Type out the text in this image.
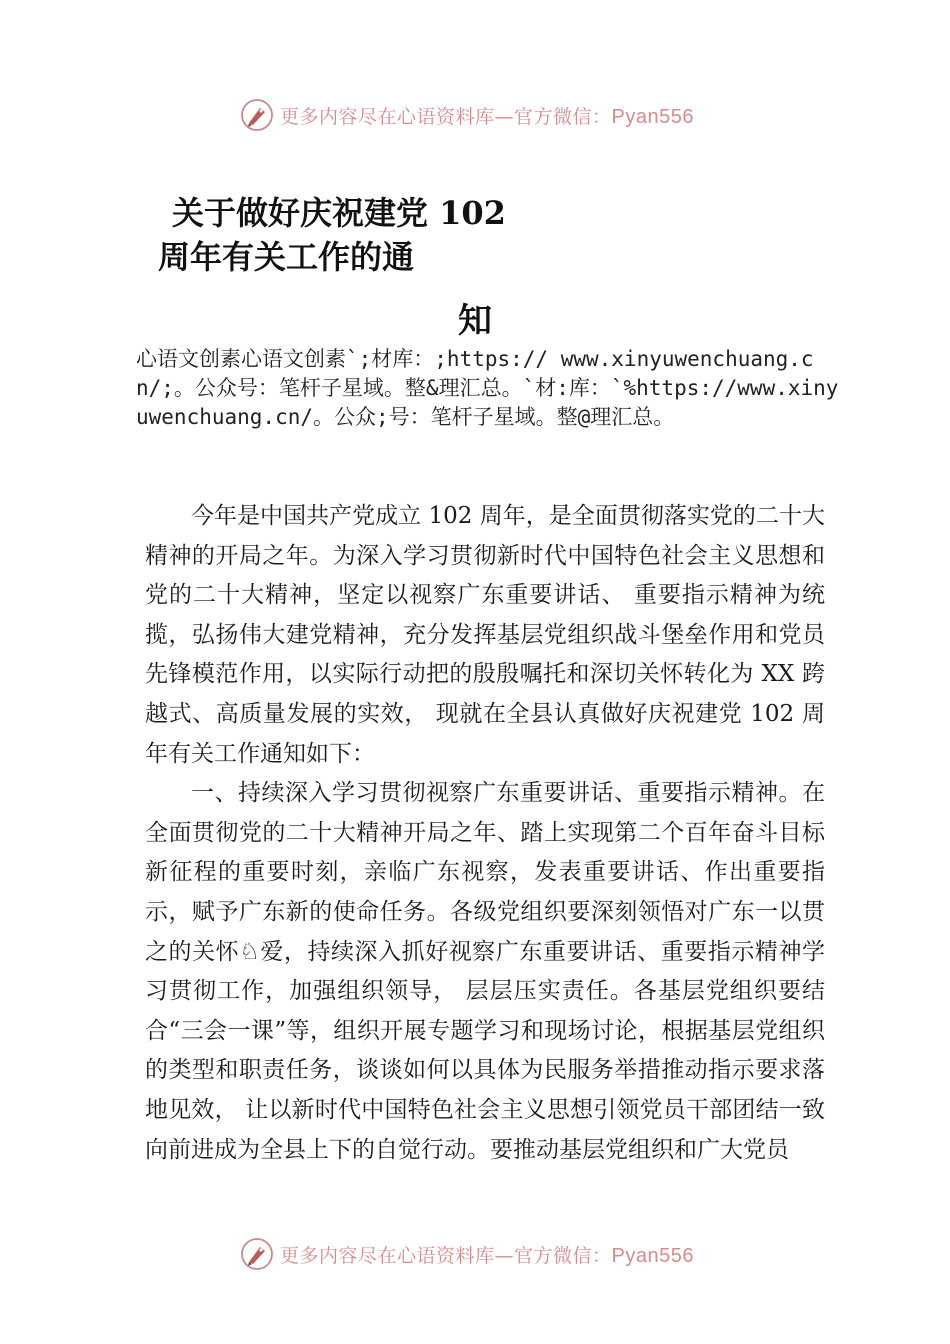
更多内容尽在心语资料库—官方微信：Pyan556
关于做好庆祝建党 102
周年有关工作的通
知
心语文创素心语文创素`;材库：;https:// www.xinyuwenchuang.cn/;。公众号：笔杆子星域。整&理汇总。`材:库：`%https://www.xinyuwenchuang.cn/。公众;号：笔杆子星域。整@理汇总。

今年是中国共产党成立 102 周年，是全面贯彻落实党的二十大精神的开局之年。为深入学习贯彻新时代中国特色社会主义思想和党的二十大精神，坚定以视察广东重要讲话、 重要指示精神为统揽，弘扬伟大建党精神，充分发挥基层党组织战斗堡垒作用和党员先锋模范作用，以实际行动把的殷殷嘱托和深切关怀转化为 XX 跨越式、高质量发展的实效， 现就在全县认真做好庆祝建党 102 周年有关工作通知如下：

一、持续深入学习贯彻视察广东重要讲话、重要指示精神。在全面贯彻党的二十大精神开局之年、踏上实现第二个百年奋斗目标新征程的重要时刻，亲临广东视察，发表重要讲话、作出重要指示，赋予广东新的使命任务。各级党组织要深刻领悟对广东一以贯之的关怀♘爱，持续深入抓好视察广东重要讲话、重要指示精神学习贯彻工作，加强组织领导， 层层压实责任。各基层党组织要结合“三会一课”等，组织开展专题学习和现场讨论，根据基层党组织的类型和职责任务，谈谈如何以具体为民服务举措推动指示要求落地见效， 让以新时代中国特色社会主义思想引领党员干部团结一致向前进成为全县上下的自觉行动。要推动基层党组织和广大党员

更多内容尽在心语资料库—官方微信：Pyan556
